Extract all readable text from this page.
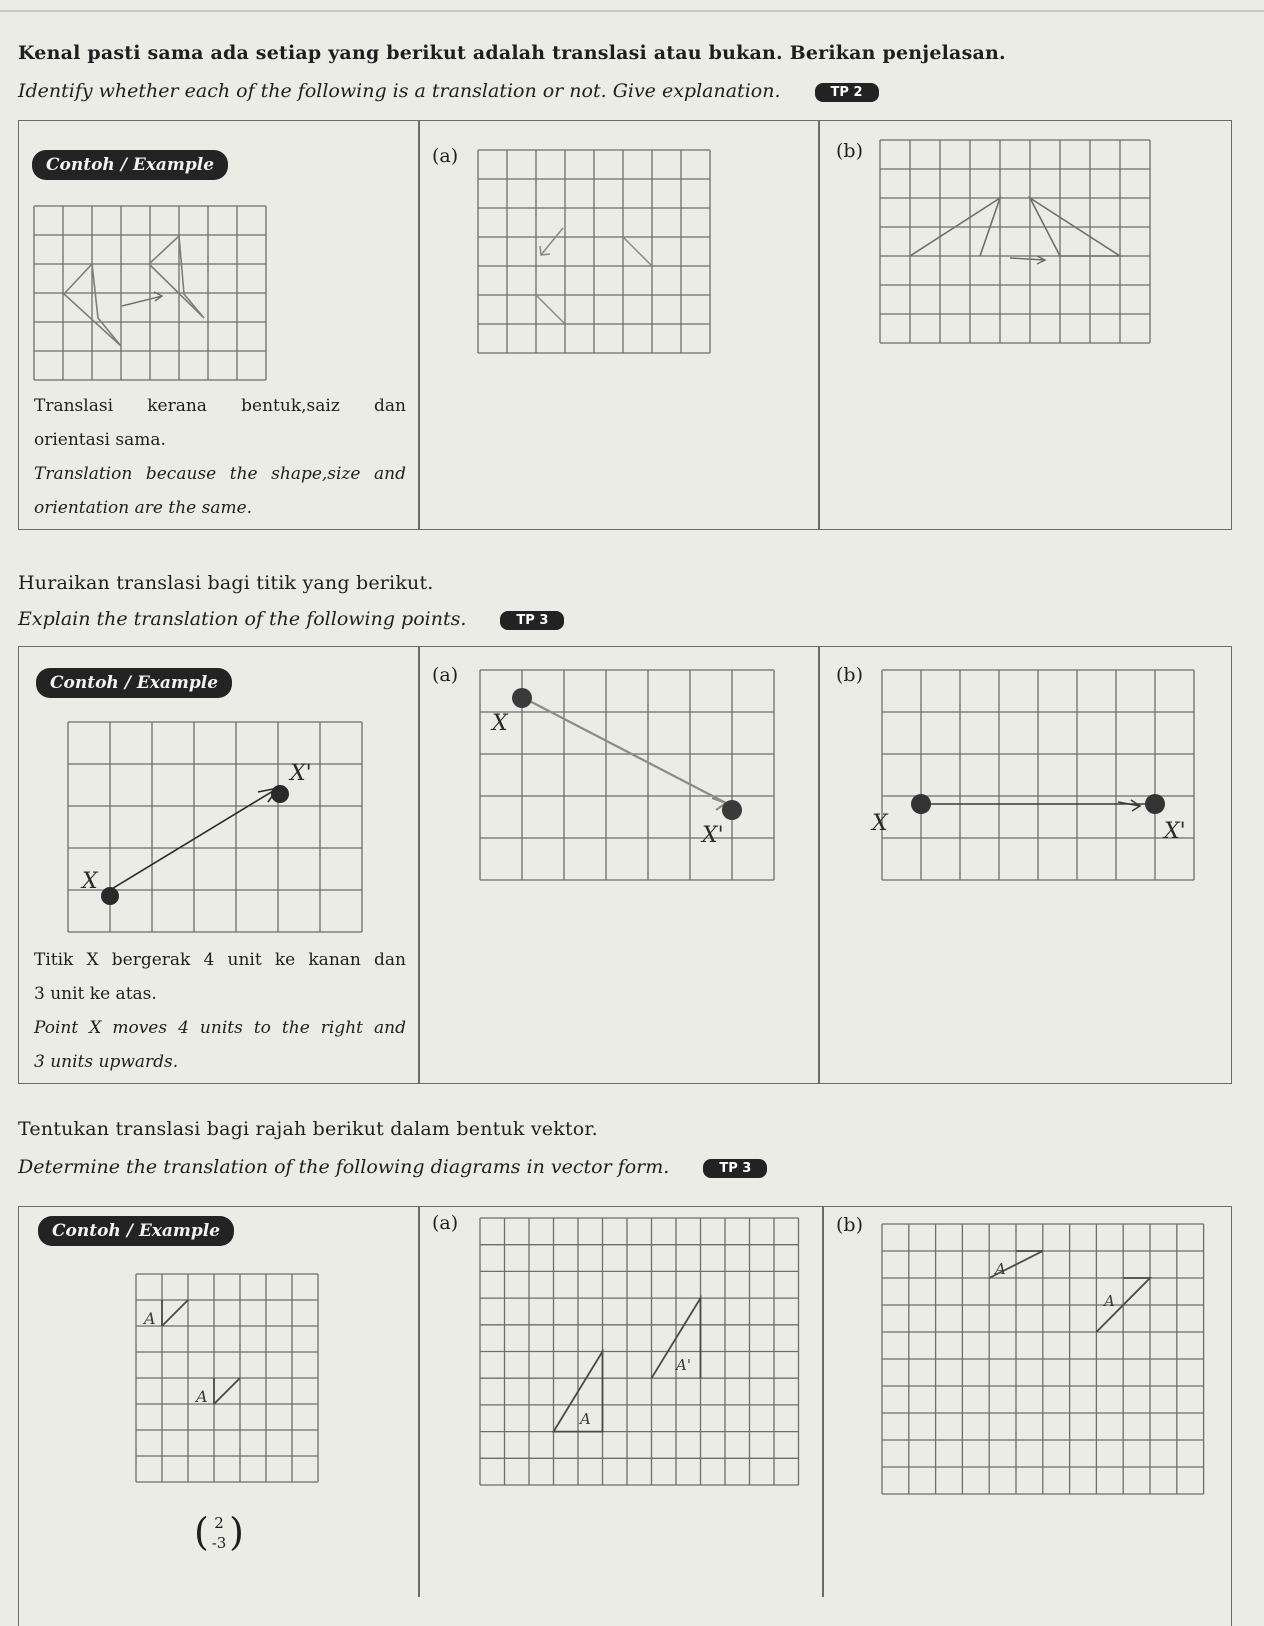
Kenal pasti sama ada setiap yang berikut adalah translasi atau bukan. Berikan penjelasan.
Identify whether each of the following is a translation or not. Give explanation.	TP 2
Contoh / Example	(a)	(b)
Translasi kerana bentuk,saiz dan
orientasi sama.
Translation because the shape,size and
orientation are the same.
Huraikan translasi bagi titik yang berikut.
Explain the translation of the following points.	TP 3
Contoh / Example	(a)	(b)
X
X'
X
X'	X	X'
Titik X bergerak 4 unit ke kanan dan
3 unit ke atas.
Point X moves 4 units to the right and
3 units upwards.
Tentukan translasi bagi rajah berikut dalam bentuk vektor.
Determine the translation of the following diagrams in vector form.	TP 3
Contoh / Example	(a)	(b)
A
A
A
A'
A
A
( 2
-3 )
